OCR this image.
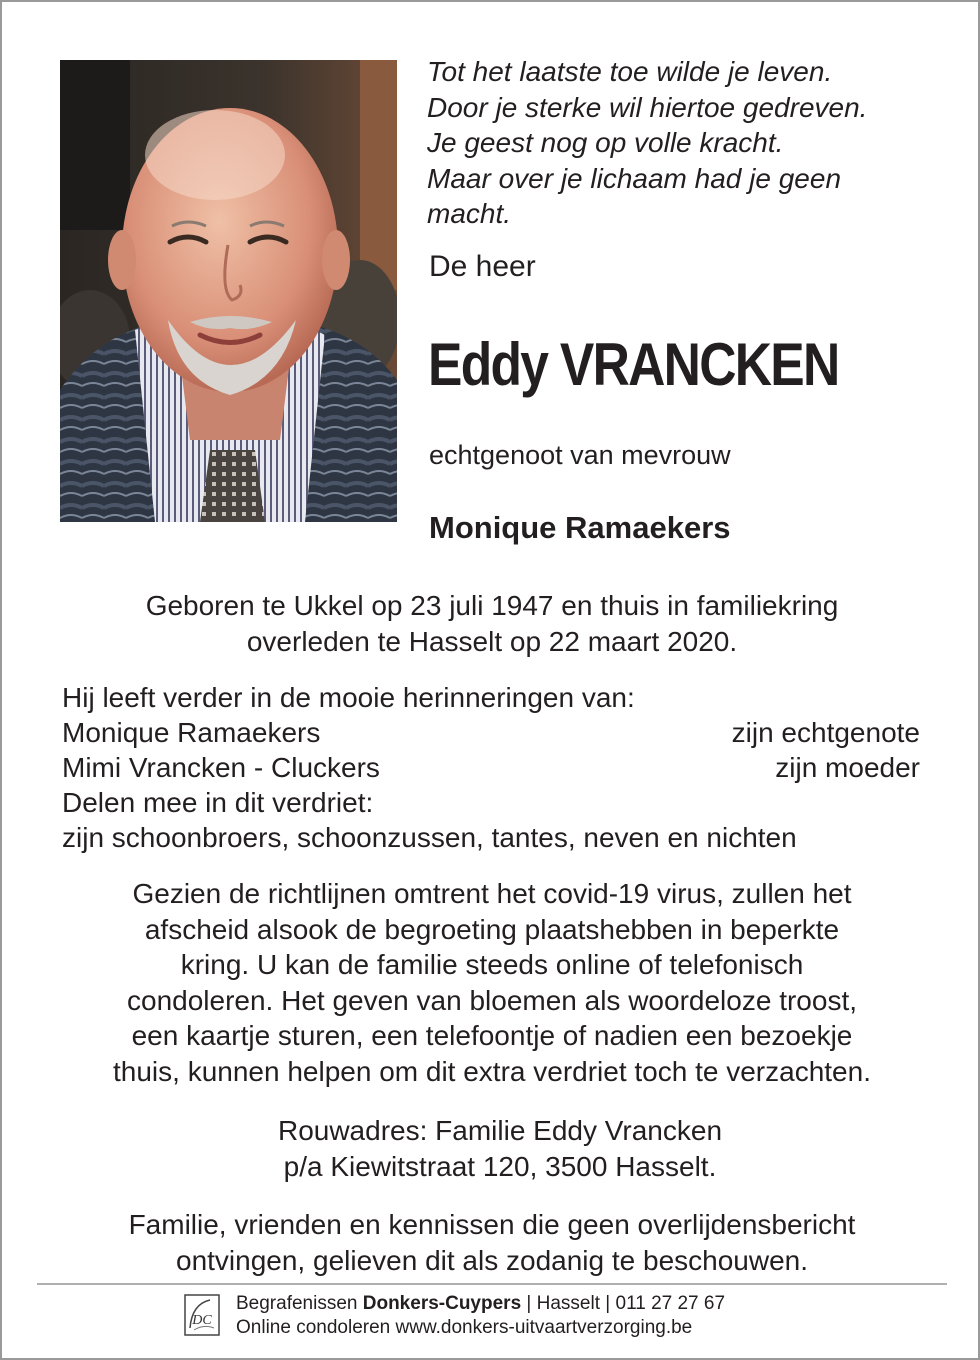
Tot het laatste toe wilde je leven.
Door je sterke wil hiertoe gedreven.
Je geest nog op volle kracht.
Maar over je lichaam had je geen
macht.
De heer
Eddy VRANCKEN
echtgenoot van mevrouw
Monique Ramaekers
Geboren te Ukkel op 23 juli 1947 en thuis in familiekring
overleden te Hasselt op 22 maart 2020.
Hij leeft verder in de mooie herinneringen van:
Monique Ramaekers	zijn echtgenote
Mimi Vrancken - Cluckers	zijn moeder
Delen mee in dit verdriet:
zijn schoonbroers, schoonzussen, tantes, neven en nichten
Gezien de richtlijnen omtrent het covid-19 virus, zullen het
afscheid alsook de begroeting plaatshebben in beperkte
kring. U kan de familie steeds online of telefonisch
condoleren. Het geven van bloemen als woordeloze troost,
een kaartje sturen, een telefoontje of nadien een bezoekje
thuis, kunnen helpen om dit extra verdriet toch te verzachten.
Rouwadres: Familie Eddy Vrancken
p/a Kiewitstraat 120, 3500 Hasselt.
Familie, vrienden en kennissen die geen overlijdensbericht
ontvingen, gelieven dit als zodanig te beschouwen.
DC
Begrafenissen Donkers-Cuypers | Hasselt | 011 27 27 67
Online condoleren www.donkers-uitvaartverzorging.be
